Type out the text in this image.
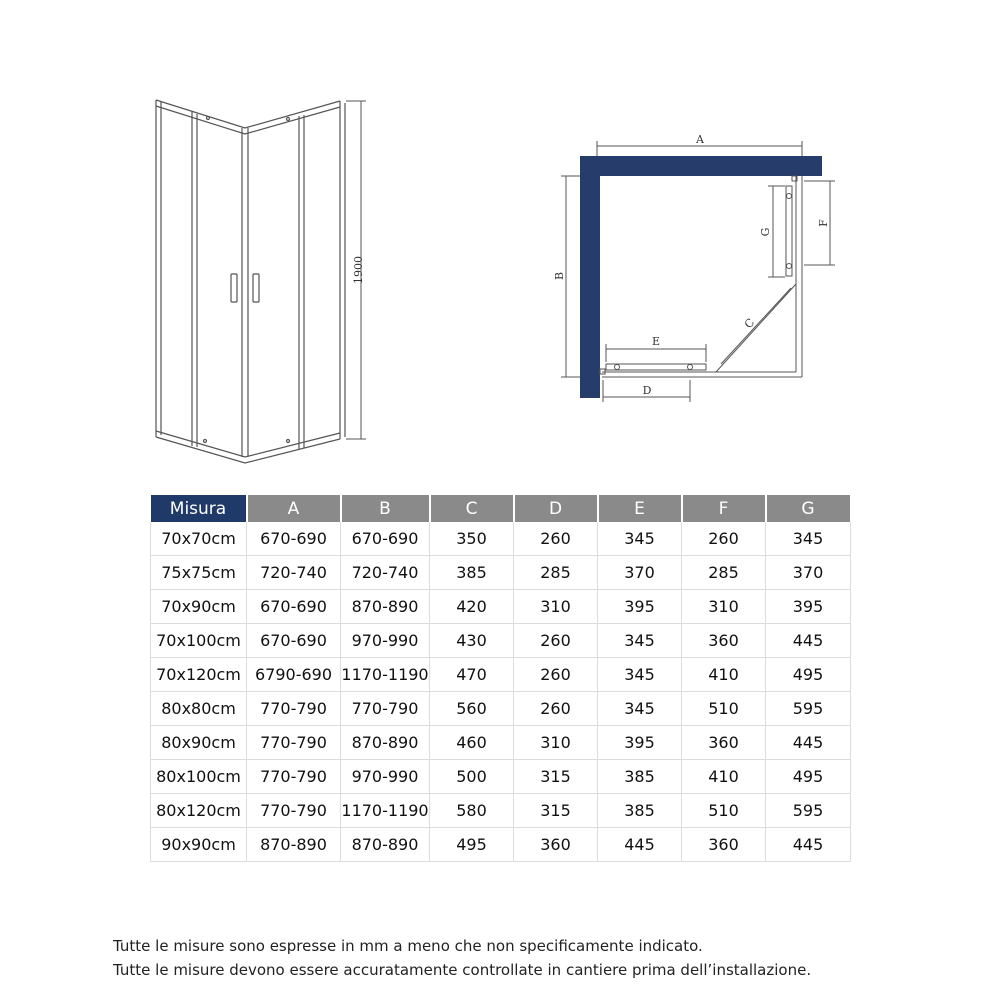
1900
A
B
C
D
E
F
G
Misura	A	B	C	D	E	F	G
70x70cm	670-690	670-690	350	260	345	260	345
75x75cm	720-740	720-740	385	285	370	285	370
70x90cm	670-690	870-890	420	310	395	310	395
70x100cm	670-690	970-990	430	260	345	360	445
70x120cm	6790-690	1170-1190	470	260	345	410	495
80x80cm	770-790	770-790	560	260	345	510	595
80x90cm	770-790	870-890	460	310	395	360	445
80x100cm	770-790	970-990	500	315	385	410	495
80x120cm	770-790	1170-1190	580	315	385	510	595
90x90cm	870-890	870-890	495	360	445	360	445
Tutte le misure sono espresse in mm a meno che non specificamente indicato.
Tutte le misure devono essere accuratamente controllate in cantiere prima dell’installazione.
